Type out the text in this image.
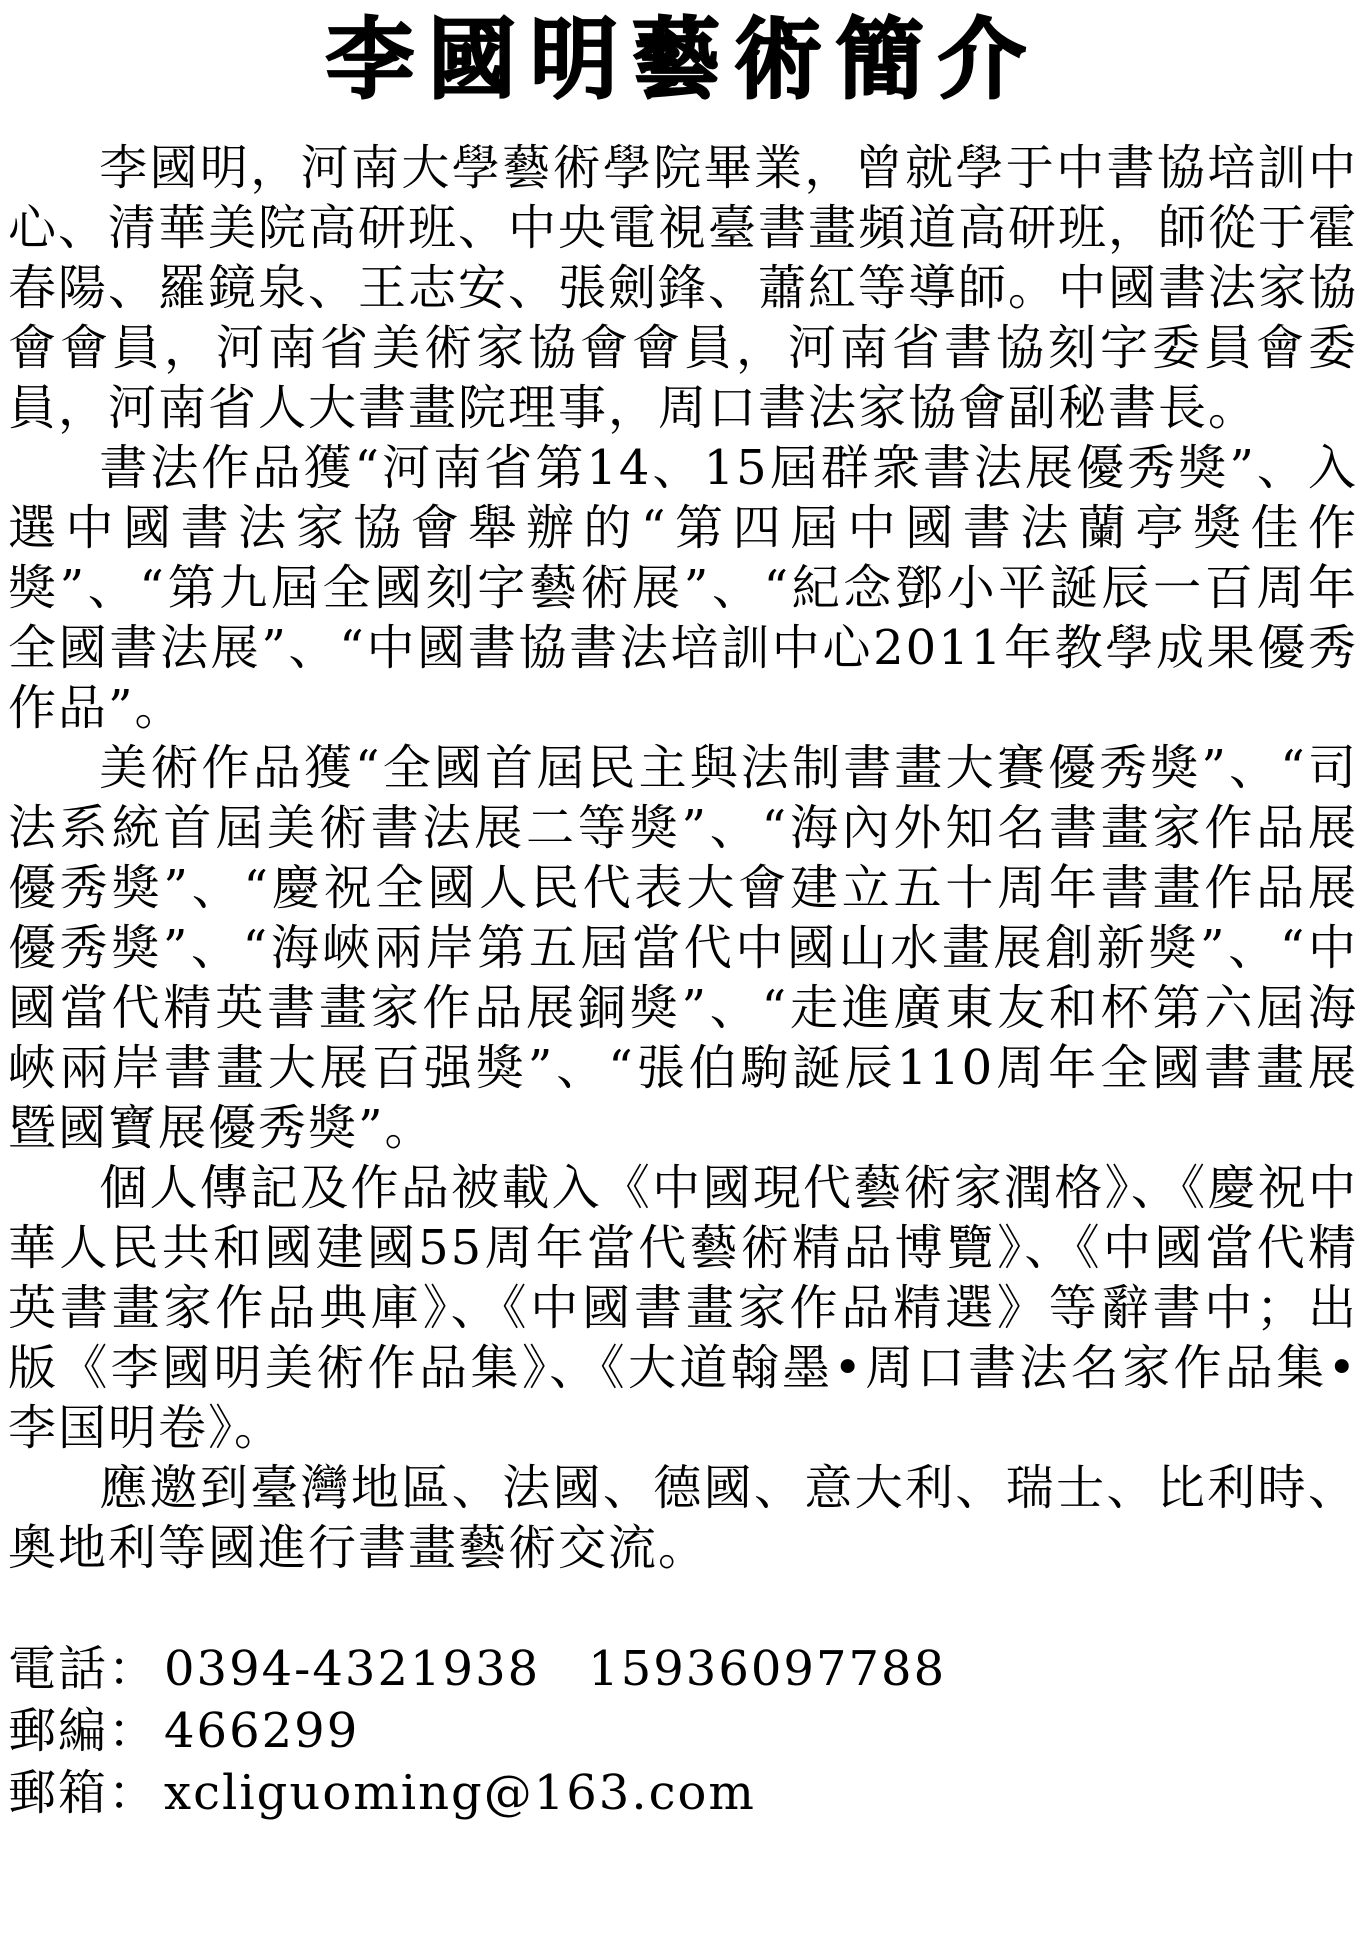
李國明藝術簡介

李國明，河南大學藝術學院畢業，曾就學于中書協培訓中心、清華美院高研班、中央電視臺書畫頻道高研班，師從于霍春陽、羅鏡泉、王志安、張劍鋒、蕭紅等導師。中國書法家協會會員，河南省美術家協會會員，河南省書協刻字委員會委員，河南省人大書畫院理事，周口書法家協會副秘書長。

書法作品獲“河南省第14、15屆群衆書法展優秀獎”、入選中國書法家協會舉辦的“第四屆中國書法蘭亭獎佳作獎”、“第九屆全國刻字藝術展”、“紀念鄧小平誕辰一百周年全國書法展”、“中國書協書法培訓中心2011年教學成果優秀作品”。

美術作品獲“全國首屆民主與法制書畫大賽優秀獎”、“司法系統首屆美術書法展二等獎”、“海內外知名書畫家作品展優秀獎”、“慶祝全國人民代表大會建立五十周年書畫作品展優秀獎”、“海峽兩岸第五屆當代中國山水畫展創新獎”、“中國當代精英書畫家作品展銅獎”、“走進廣東友和杯第六屆海峽兩岸書畫大展百强獎”、“張伯駒誕辰110周年全國書畫展暨國寶展優秀獎”。

個人傳記及作品被載入《中國現代藝術家潤格》、《慶祝中華人民共和國建國55周年當代藝術精品博覽》、《中國當代精英書畫家作品典庫》、《中國書畫家作品精選》等辭書中；出版《李國明美術作品集》、《大道翰墨•周口書法名家作品集•李国明卷》。

應邀到臺灣地區、法國、德國、意大利、瑞士、比利時、奧地利等國進行書畫藝術交流。

電話： 0394-4321938 15936097788
郵編： 466299
郵箱： xcliguoming@163.com
